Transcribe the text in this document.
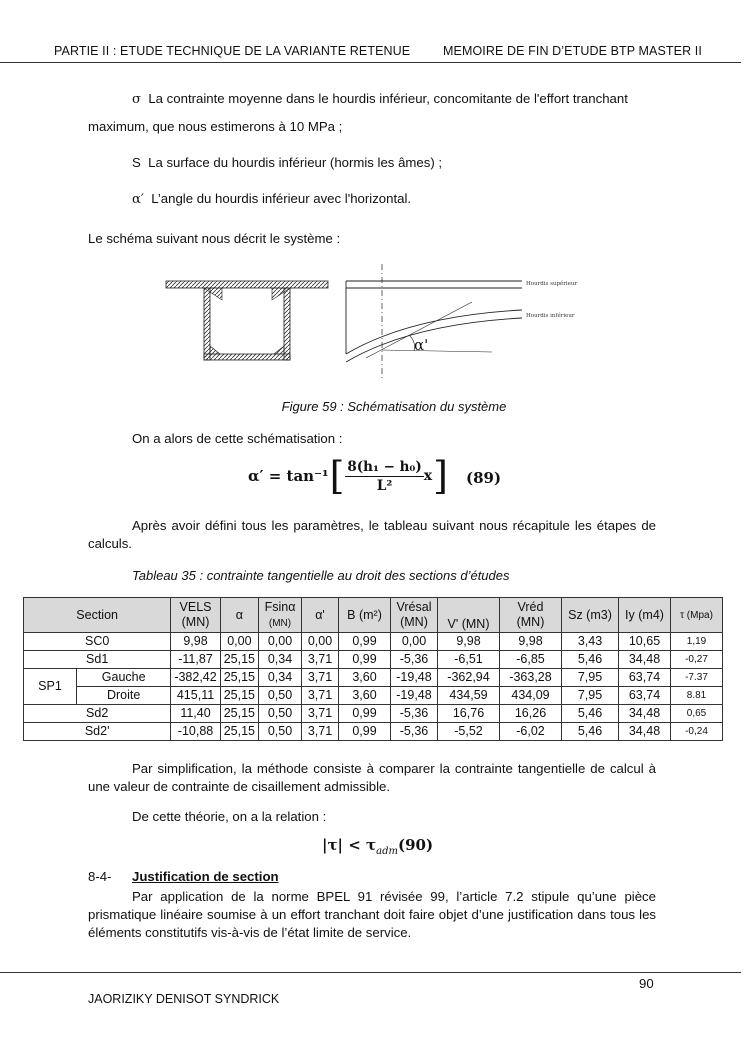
PARTIE II : ETUDE TECHNIQUE DE LA VARIANTE RETENUE	MEMOIRE DE FIN D’ETUDE BTP MASTER II
σ La contrainte moyenne dans le hourdis inférieur, concomitante de l'effort tranchant
maximum, que nous estimerons à 10 MPa ;
S La surface du hourdis inférieur (hormis les âmes) ;
α′ L’angle du hourdis inférieur avec l'horizontal.
Le schéma suivant nous décrit le système :
α'
Hourdis supérieur
Hourdis inférieur
Figure 59 : Schématisation du système
On a alors de cette schématisation :
α′ = tan⁻¹ [ 8(h₁ − h₀)
L²
x ] (89)
Après avoir défini tous les paramètres, le tableau suivant nous récapitule les étapes de calculs.
Tableau 35 : contrainte tangentielle au droit des sections d’études
Section		VELS (MN)	α	Fsinα
(MN)	α'	B (m²)	Vrésal (MN)	V' (MN)	Vréd (MN)	Sz (m3)	Iy (m4)	τ (Mpa)
SC0		9,98	0,00	0,00	0,00	0,99	0,00	9,98	9,98	3,43	10,65	1,19
Sd1		-11,87	25,15	0,34	3,71	0,99	-5,36	-6,51	-6,85	5,46	34,48	-0,27
SP1	Gauche	-382,42	25,15	0,34	3,71	3,60	-19,48	-362,94	-363,28	7,95	63,74	-7.37
	Droite	415,11	25,15	0,50	3,71	3,60	-19,48	434,59	434,09	7,95	63,74	8.81
Sd2		11,40	25,15	0,50	3,71	0,99	-5,36	16,76	16,26	5,46	34,48	0,65
Sd2'		-10,88	25,15	0,50	3,71	0,99	-5,36	-5,52	-6,02	5,46	34,48	-0,24
Par simplification, la méthode consiste à comparer la contrainte tangentielle de calcul à une valeur de contrainte de cisaillement admissible.
De cette théorie, on a la relation :
$|\tau| < \tau_{adm}(90)$
8-4- Justification de section
Par application de la norme BPEL 91 révisée 99, l’article 7.2 stipule qu’une pièce prismatique linéaire soumise à un effort tranchant doit faire objet d’une justification dans tous les éléments constitutifs vis-à-vis de l’état limite de service.
90
JAORIZIKY DENISOT SYNDRICK
